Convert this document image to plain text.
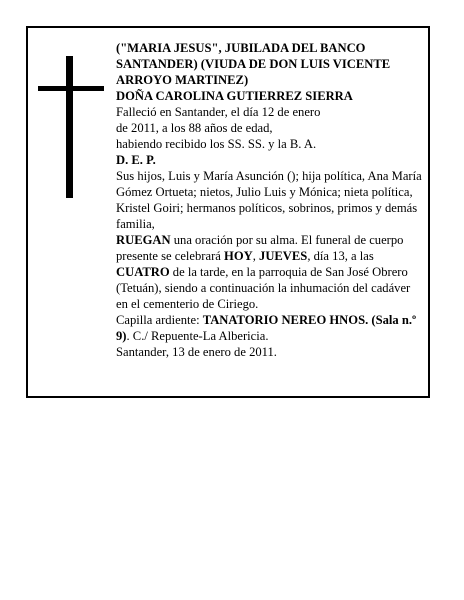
("MARIA JESUS", JUBILADA DEL BANCO SANTANDER) (VIUDA DE DON LUIS VICENTE ARROYO MARTINEZ)

DOÑA CAROLINA GUTIERREZ SIERRA

Falleció en Santander, el día 12 de enero

de 2011, a los 88 años de edad,

habiendo recibido los SS. SS. y la B. A.

D. E. P.

Sus hijos, Luis y María Asunción (); hija política, Ana María Gómez Ortueta; nietos, Julio Luis y Mónica; nieta política, Kristel Goiri; hermanos políticos, sobrinos, primos y demás familia,

RUEGAN una oración por su alma. El funeral de cuerpo presente se celebrará HOY, JUEVES, día 13, a las CUATRO de la tarde, en la parroquia de San José Obrero (Tetuán), siendo a continuación la inhumación del cadáver en el cementerio de Ciriego.

Capilla ardiente: TANATORIO NEREO HNOS. (Sala n.º 9). C./ Repuente-La Albericia.

Santander, 13 de enero de 2011.
